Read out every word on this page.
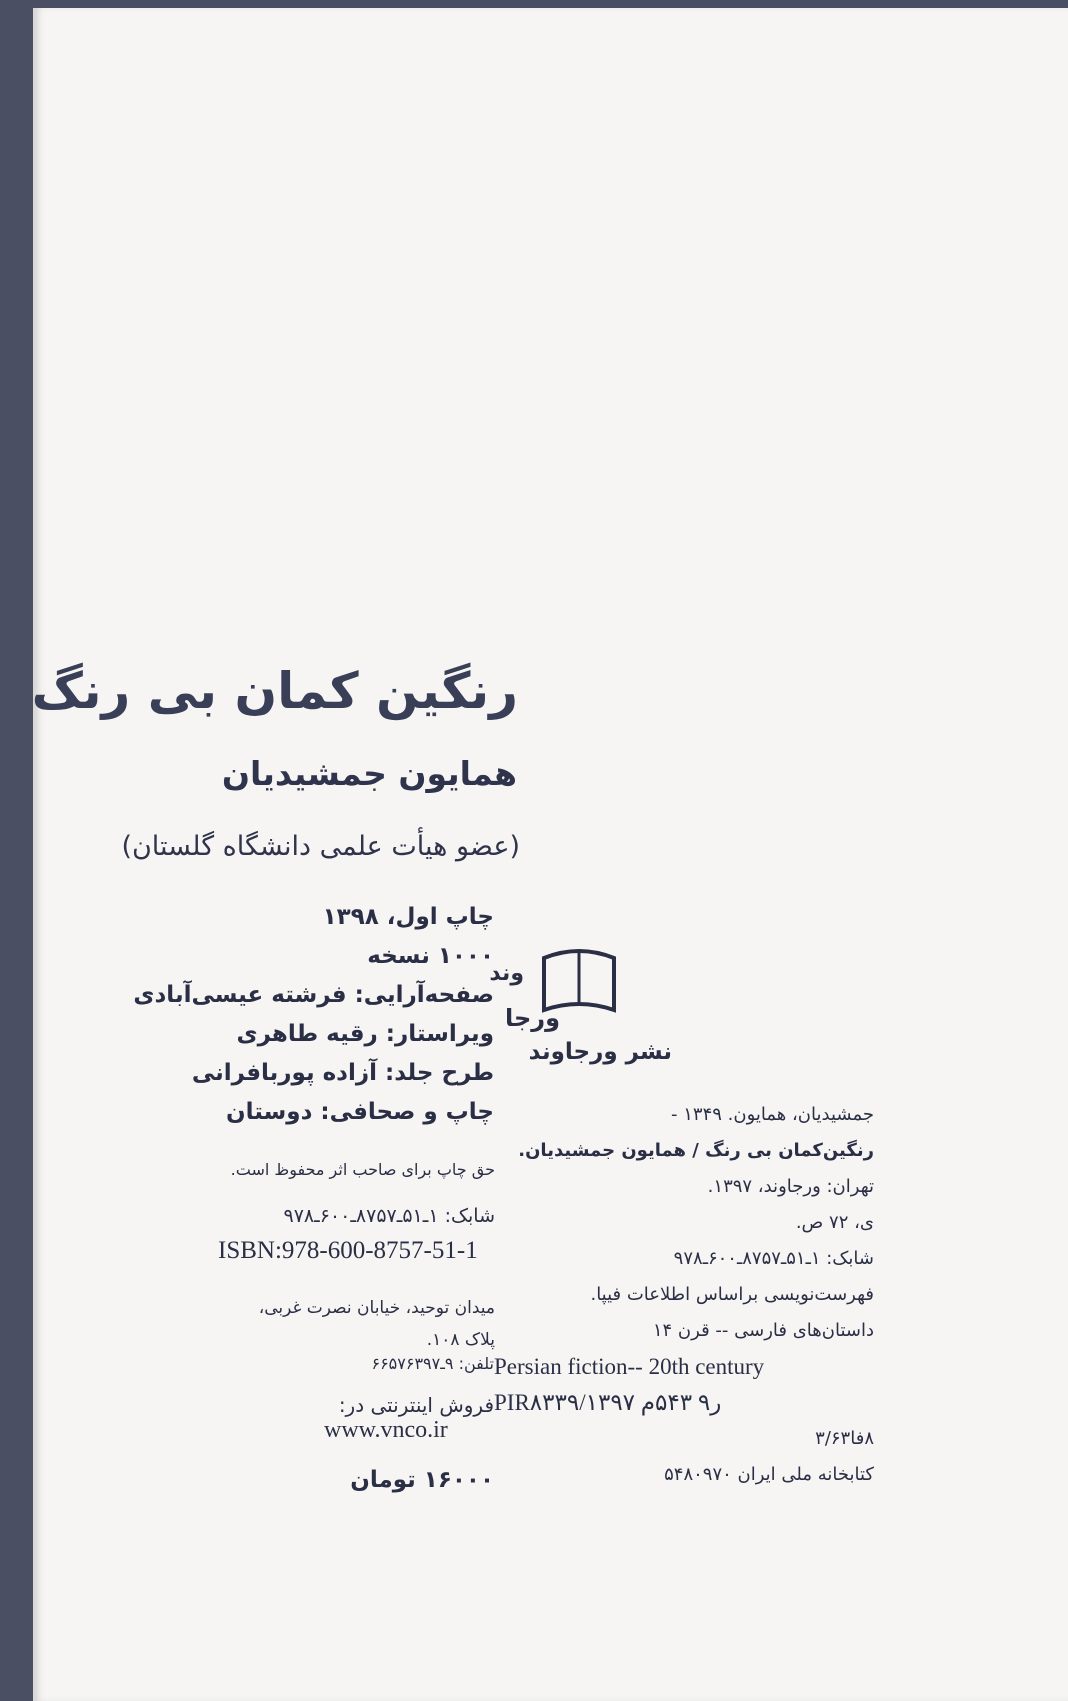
رنگین کمان بی رنگ
همایون جمشیدیان
(عضو هیأت علمی دانشگاه گلستان)
چاپ اول، ۱۳۹۸
۱۰۰۰ نسخه
صفحه‌آرایی: فرشته عیسی‌آبادی
ویراستار: رقیه طاهری
طرح جلد: آزاده پوربافرانی
چاپ و صحافی: دوستان
حق چاپ برای صاحب اثر محفوظ است.
شابک: ۱ـ۵۱ـ۸۷۵۷ـ۶۰۰ـ۹۷۸
ISBN:978-600-8757-51-1
میدان توحید، خیابان نصرت غربی،
پلاک ۱۰۸.
تلفن: ۹ـ۶۶۵۷۶۳۹۷
فروش اینترنتی در:
www.vnco.ir
۱۶۰۰۰ تومان
وند
ورجا
نشر ورجاوند
جمشیدیان، همایون. ۱۳۴۹ -
رنگین‌کمان بی رنگ / همایون جمشیدیان.
تهران: ورجاوند، ۱۳۹۷.
ی، ۷۲ ص.
شابک: ۱ـ۵۱ـ۸۷۵۷ـ۶۰۰ـ۹۷۸
فهرست‌نویسی براساس اطلاعات فیپا.
داستان‌های فارسی -- قرن ۱۴
Persian fiction-- 20th century
PIR۸۳۳۹/ر۹ ۵۴۳م ۱۳۹۷
۸فا۳/۶۳
کتابخانه ملی ایران ۵۴۸۰۹۷۰
